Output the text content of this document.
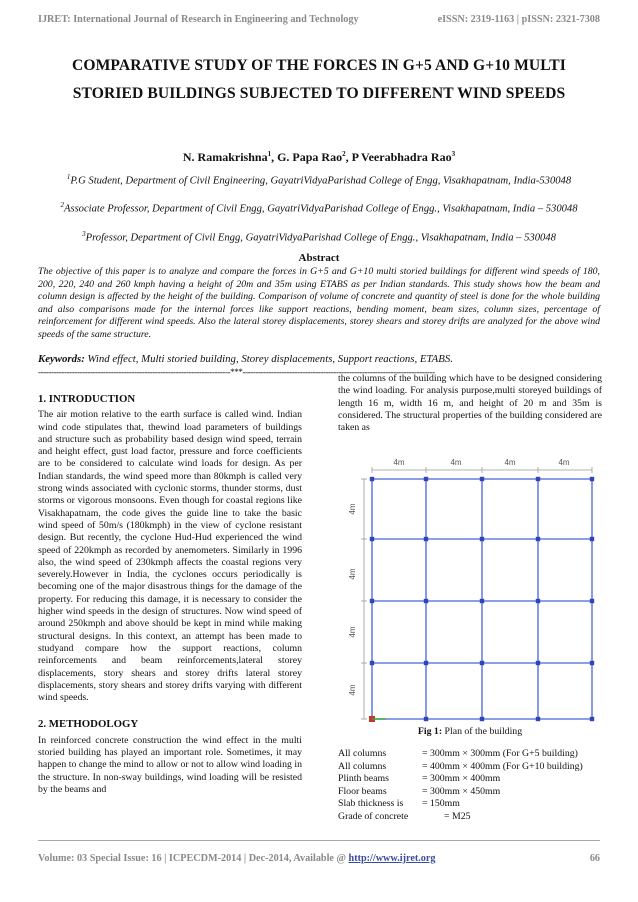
IJRET: International Journal of Research in Engineering and Technology	eISSN: 2319-1163 | pISSN: 2321-7308
COMPARATIVE STUDY OF THE FORCES IN G+5 AND G+10 MULTI
STORIED BUILDINGS SUBJECTED TO DIFFERENT WIND SPEEDS
N. Ramakrishna$^1$, G. Papa Rao$^2$, P Veerabhadra Rao$^3$
$^1$P.G Student, Department of Civil Engineering, GayatriVidyaParishad College of Engg, Visakhapatnam, India-530048
$^2$Associate Professor, Department of Civil Engg, GayatriVidyaParishad College of Engg., Visakhapatnam, India – 530048
$^3$Professor, Department of Civil Engg, GayatriVidyaParishad College of Engg., Visakhapatnam, India – 530048
Abstract
The objective of this paper is to analyze and compare the forces in G+5 and G+10 multi storied buildings for different wind speeds of 180, 200, 220, 240 and 260 kmph having a height of 20m and 35m using ETABS as per Indian standards. This study shows how the beam and column design is affected by the height of the building. Comparison of volume of concrete and quantity of steel is done for the whole building and also comparisons made for the internal forces like support reactions, bending moment, beam sizes, column sizes, percentage of reinforcement for different wind speeds. Also the lateral storey displacements, storey shears and storey drifts are analyzed for the above wind speeds of the same structure.
Keywords: Wind effect, Multi storied building, Storey displacements, Support reactions, ETABS.
--------------------------------------------------------------------------***--------------------------------------------------------------------------
1. INTRODUCTION
The air motion relative to the earth surface is called wind. Indian wind code stipulates that, thewind load parameters of buildings and structure such as probability based design wind speed, terrain and height effect, gust load factor, pressure and force coefficients are to be considered to calculate wind loads for design. As per Indian standards, the wind speed more than 80kmph is called very strong winds associated with cyclonic storms, thunder storms, dust storms or vigorous monsoons. Even though for coastal regions like Visakhapatnam, the code gives the guide line to take the basic wind speed of 50m/s (180kmph) in the view of cyclone resistant design. But recently, the cyclone Hud-Hud experienced the wind speed of 220kmph as recorded by anemometers. Similarly in 1996 also, the wind speed of 230kmph affects the coastal regions very severely.However in India, the cyclones occurs periodically is becoming one of the major disastrous things for the damage of the property. For reducing this damage, it is necessary to consider the higher wind speeds in the design of structures. Now wind speed of around 250kmph and above should be kept in mind while making structural designs. In this context, an attempt has been made to studyand compare how the support reactions, column reinforcements and beam reinforcements,lateral storey displacements, story shears and storey drifts lateral storey displacements, story shears and storey drifts varying with different wind speeds.
2. METHODOLOGY
In reinforced concrete construction the wind effect in the multi storied building has played an important role. Sometimes, it may happen to change the mind to allow or not to allow wind loading in the structure. In non-sway buildings, wind loading will be resisted by the beams and
the columns of the building which have to be designed considering the wind loading. For analysis purpose,multi storeyed buildings of length 16 m, width 16 m, and height of 20 m and 35m is considered. The structural properties of the building considered are taken as
4m	4m	4m	4m
4m
4m
4m
4m
Fig 1: Plan of the building
All columns	= 300mm × 300mm (For G+5 building)
All columns	= 400mm × 400mm (For G+10 building)
Plinth beams	= 300mm × 400mm
Floor beams	= 300mm × 450mm
Slab thickness is = 150mm
Grade of concrete         = M25
Volume: 03 Special Issue: 16 | ICPECDM-2014 | Dec-2014, Available @ http://www.ijret.org	66
